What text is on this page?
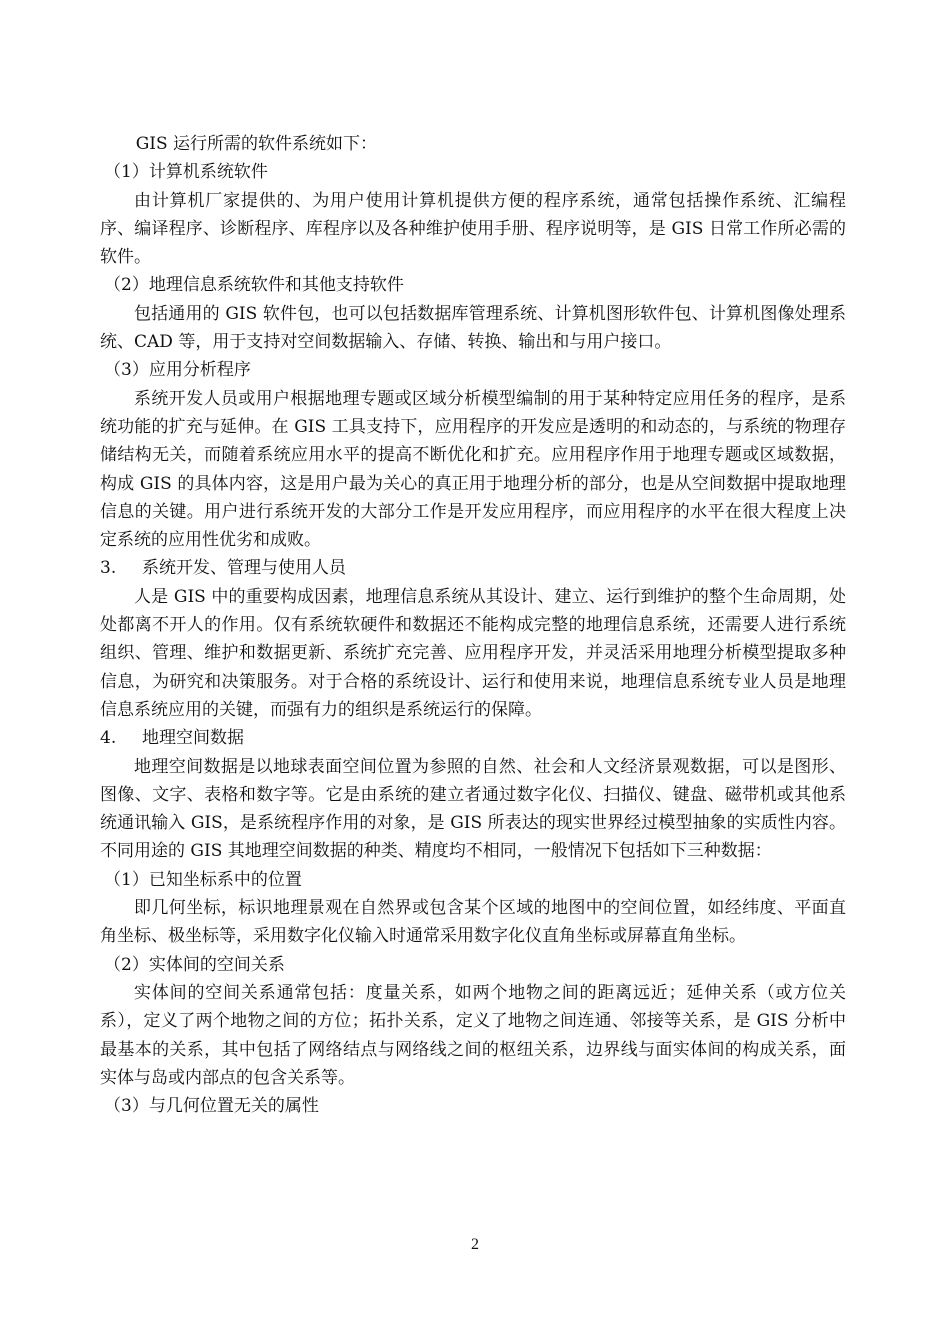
GIS 运行所需的软件系统如下：

（1）计算机系统软件

由计算机厂家提供的、为用户使用计算机提供方便的程序系统，通常包括操作系统、汇编程序、编译程序、诊断程序、库程序以及各种维护使用手册、程序说明等，是 GIS 日常工作所必需的软件。

（2）地理信息系统软件和其他支持软件

包括通用的 GIS 软件包，也可以包括数据库管理系统、计算机图形软件包、计算机图像处理系统、CAD 等，用于支持对空间数据输入、存储、转换、输出和与用户接口。

（3）应用分析程序

系统开发人员或用户根据地理专题或区域分析模型编制的用于某种特定应用任务的程序，是系统功能的扩充与延伸。在 GIS 工具支持下，应用程序的开发应是透明的和动态的，与系统的物理存储结构无关，而随着系统应用水平的提高不断优化和扩充。应用程序作用于地理专题或区域数据，构成 GIS 的具体内容，这是用户最为关心的真正用于地理分析的部分，也是从空间数据中提取地理信息的关键。用户进行系统开发的大部分工作是开发应用程序，而应用程序的水平在很大程度上决定系统的应用性优劣和成败。

3. 系统开发、管理与使用人员

人是 GIS 中的重要构成因素，地理信息系统从其设计、建立、运行到维护的整个生命周期，处处都离不开人的作用。仅有系统软硬件和数据还不能构成完整的地理信息系统，还需要人进行系统组织、管理、维护和数据更新、系统扩充完善、应用程序开发，并灵活采用地理分析模型提取多种信息，为研究和决策服务。对于合格的系统设计、运行和使用来说，地理信息系统专业人员是地理信息系统应用的关键，而强有力的组织是系统运行的保障。

4. 地理空间数据

地理空间数据是以地球表面空间位置为参照的自然、社会和人文经济景观数据，可以是图形、图像、文字、表格和数字等。它是由系统的建立者通过数字化仪、扫描仪、键盘、磁带机或其他系统通讯输入 GIS，是系统程序作用的对象，是 GIS 所表达的现实世界经过模型抽象的实质性内容。不同用途的 GIS 其地理空间数据的种类、精度均不相同，一般情况下包括如下三种数据：

（1）已知坐标系中的位置

即几何坐标，标识地理景观在自然界或包含某个区域的地图中的空间位置，如经纬度、平面直角坐标、极坐标等，采用数字化仪输入时通常采用数字化仪直角坐标或屏幕直角坐标。

（2）实体间的空间关系

实体间的空间关系通常包括：度量关系，如两个地物之间的距离远近；延伸关系（或方位关系），定义了两个地物之间的方位；拓扑关系，定义了地物之间连通、邻接等关系，是 GIS 分析中最基本的关系，其中包括了网络结点与网络线之间的枢纽关系，边界线与面实体间的构成关系，面实体与岛或内部点的包含关系等。

（3）与几何位置无关的属性

2
